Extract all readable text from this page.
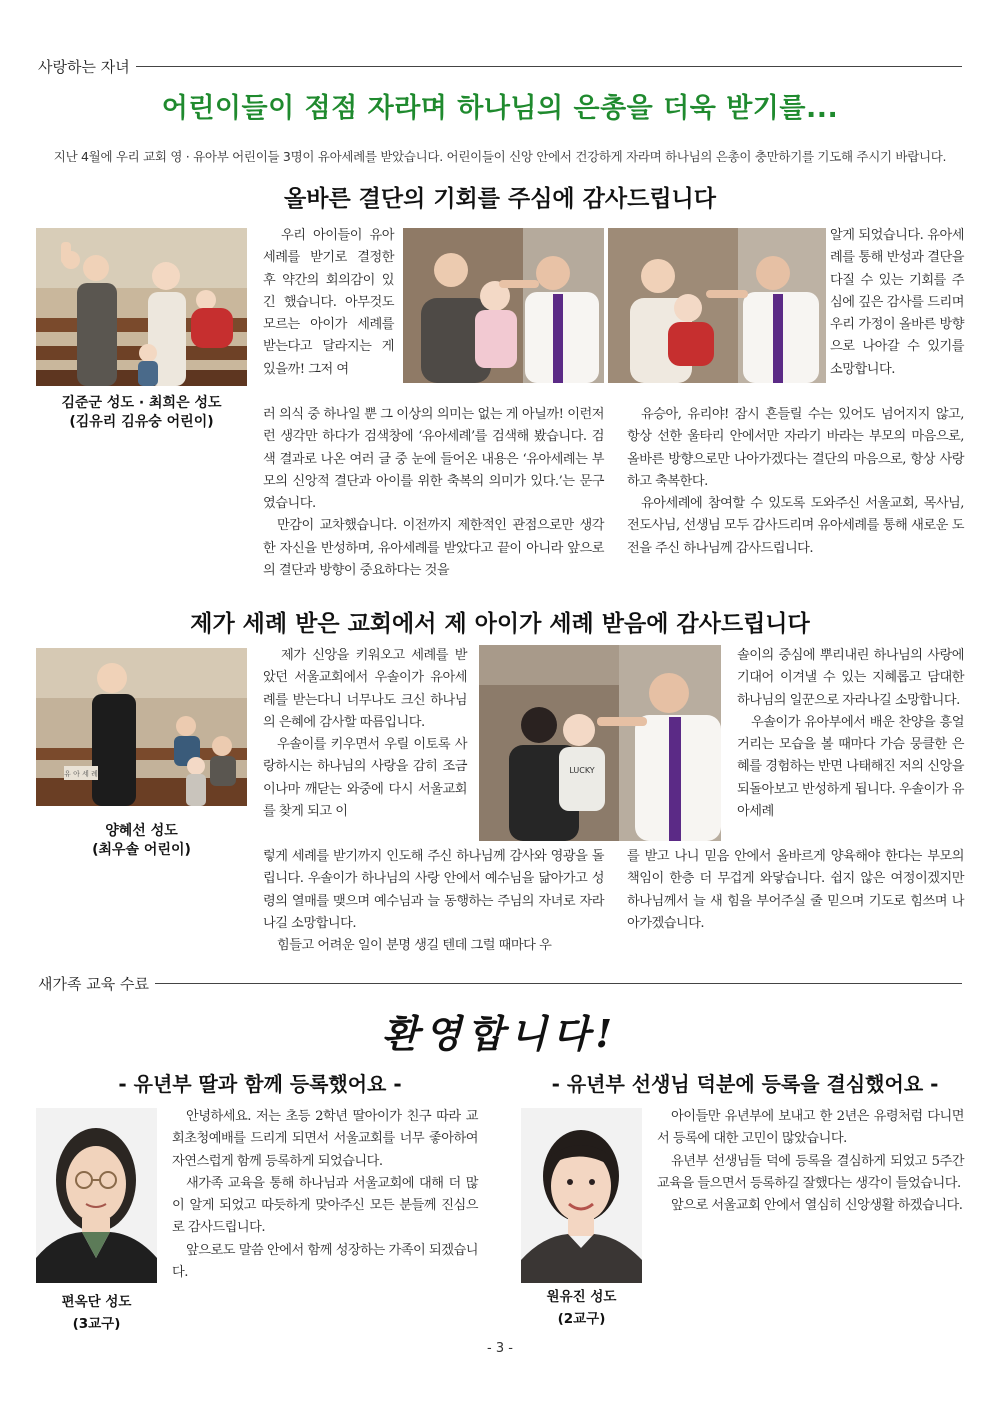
사랑하는 자녀
어린이들이 점점 자라며 하나님의 은총을 더욱 받기를...
지난 4월에 우리 교회 영 · 유아부 어린이들 3명이 유아세례를 받았습니다. 어린이들이 신앙 안에서 건강하게 자라며 하나님의 은총이 충만하기를 기도해 주시기 바랍니다.
올바른 결단의 기회를 주심에 감사드립니다
김준군 성도 · 최희은 성도
(김유리 김유숭 어린이)

우리 아이들이 유아세례를 받기로 결정한 후 약간의 회의감이 있긴 했습니다. 아무것도 모르는 아이가 세례를 받는다고 달라지는 게 있을까! 그저 여

러 의식 중 하나일 뿐 그 이상의 의미는 없는 게 아닐까! 이런저런 생각만 하다가 검색창에 ‘유아세례’를 검색해 봤습니다. 검색 결과로 나온 여러 글 중 눈에 들어온 내용은 ‘유아세례는 부모의 신앙적 결단과 아이를 위한 축복의 의미가 있다.’는 문구였습니다.

만감이 교차했습니다. 이전까지 제한적인 관점으로만 생각한 자신을 반성하며, 유아세례를 받았다고 끝이 아니라 앞으로의 결단과 방향이 중요하다는 것을

알게 되었습니다. 유아세례를 통해 반성과 결단을 다질 수 있는 기회를 주심에 깊은 감사를 드리며 우리 가정이 올바른 방향으로 나아갈 수 있기를 소망합니다.

유승아, 유리야! 잠시 흔들릴 수는 있어도 넘어지지 않고, 항상 선한 울타리 안에서만 자라기 바라는 부모의 마음으로, 올바른 방향으로만 나아가겠다는 결단의 마음으로, 항상 사랑하고 축복한다.

유아세례에 참여할 수 있도록 도와주신 서울교회, 목사님, 전도사님, 선생님 모두 감사드리며 유아세례를 통해 새로운 도전을 주신 하나님께 감사드립니다.

제가 세례 받은 교회에서 제 아이가 세례 받음에 감사드립니다
유 아 세 례
양혜선 성도
(최우솔 어린이)
LUCKY

제가 신앙을 키워오고 세례를 받았던 서울교회에서 우솔이가 유아세례를 받는다니 너무나도 크신 하나님의 은혜에 감사할 따름입니다.

우솔이를 키우면서 우릴 이토록 사랑하시는 하나님의 사랑을 감히 조금이나마 깨닫는 와중에 다시 서울교회를 찾게 되고 이

렇게 세례를 받기까지 인도해 주신 하나님께 감사와 영광을 돌립니다. 우솔이가 하나님의 사랑 안에서 예수님을 닮아가고 성령의 열매를 맺으며 예수님과 늘 동행하는 주님의 자녀로 자라나길 소망합니다.

힘들고 어려운 일이 분명 생길 텐데 그럴 때마다 우

솔이의 중심에 뿌리내린 하나님의 사랑에 기대어 이겨낼 수 있는 지혜롭고 담대한 하나님의 일꾼으로 자라나길 소망합니다.

우솔이가 유아부에서 배운 찬양을 흥얼거리는 모습을 볼 때마다 가슴 뭉클한 은혜를 경험하는 반면 나태해진 저의 신앙을 되돌아보고 반성하게 됩니다. 우솔이가 유아세례

를 받고 나니 믿음 안에서 올바르게 양육해야 한다는 부모의 책임이 한층 더 무겁게 와닿습니다. 쉽지 않은 여정이겠지만 하나님께서 늘 새 힘을 부어주실 줄 믿으며 기도로 힘쓰며 나아가겠습니다.

새가족 교육 수료
환영합니다!
- 유년부 딸과 함께 등록했어요 -
편옥단 성도
(3교구)

안녕하세요. 저는 초등 2학년 딸아이가 친구 따라 교회초청예배를 드리게 되면서 서울교회를 너무 좋아하여 자연스럽게 함께 등록하게 되었습니다.

새가족 교육을 통해 하나님과 서울교회에 대해 더 많이 알게 되었고 따듯하게 맞아주신 모든 분들께 진심으로 감사드립니다.

앞으로도 말씀 안에서 함께 성장하는 가족이 되겠습니다.

- 유년부 선생님 덕분에 등록을 결심했어요 -
원유진 성도
(2교구)

아이들만 유년부에 보내고 한 2년은 유령처럼 다니면서 등록에 대한 고민이 많았습니다.

유년부 선생님들 덕에 등록을 결심하게 되었고 5주간 교육을 들으면서 등록하길 잘했다는 생각이 들었습니다.

앞으로 서울교회 안에서 열심히 신앙생활 하겠습니다.

- 3 -
